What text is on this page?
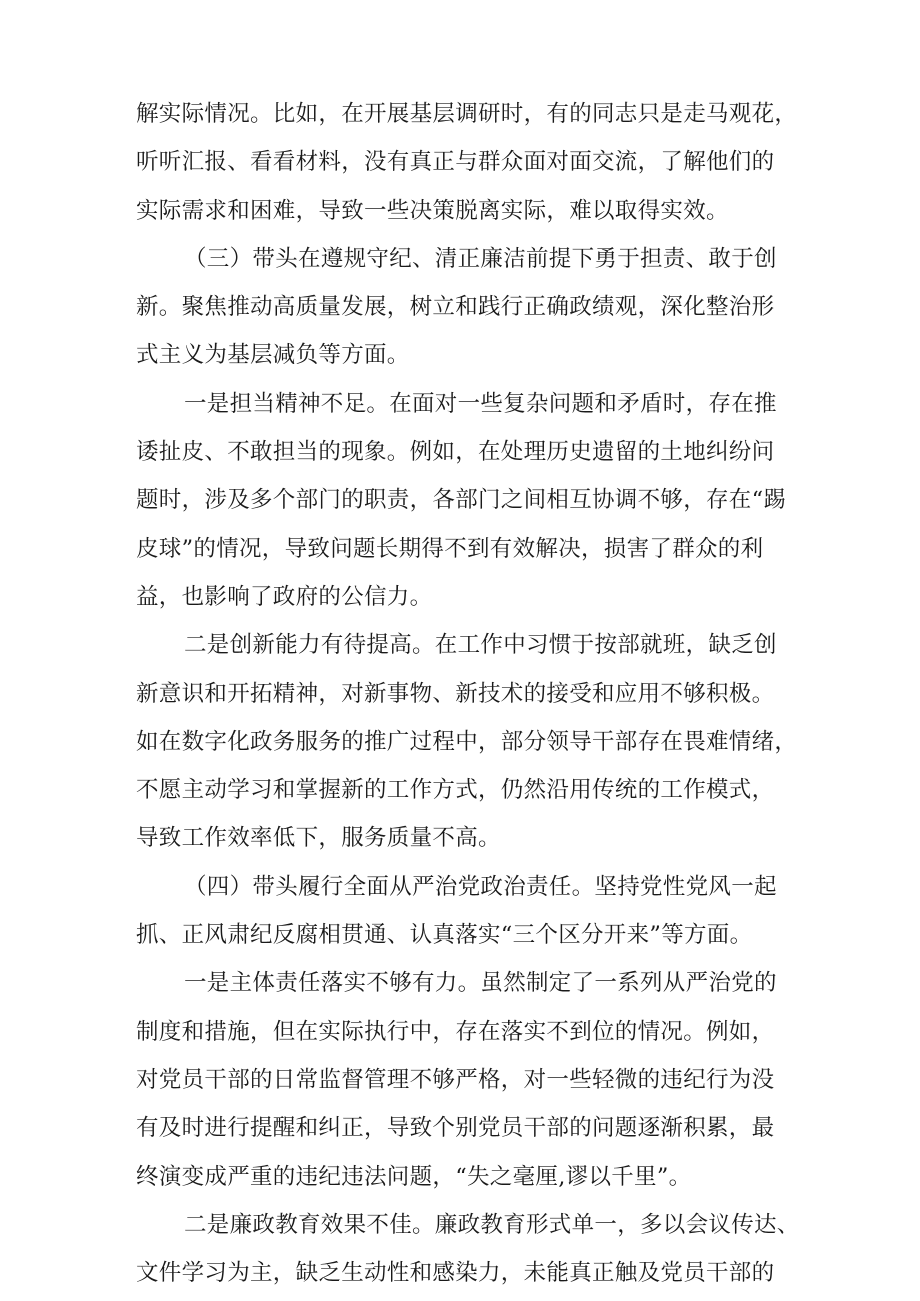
解实际情况。比如，在开展基层调研时，有的同志只是走马观花，
听听汇报、看看材料，没有真正与群众面对面交流，了解他们的
实际需求和困难，导致一些决策脱离实际，难以取得实效。
（三）带头在遵规守纪、清正廉洁前提下勇于担责、敢于创
新。聚焦推动高质量发展，树立和践行正确政绩观，深化整治形
式主义为基层减负等方面。
一是担当精神不足。在面对一些复杂问题和矛盾时，存在推
诿扯皮、不敢担当的现象。例如，在处理历史遗留的土地纠纷问
题时，涉及多个部门的职责，各部门之间相互协调不够，存在“踢
皮球”的情况，导致问题长期得不到有效解决，损害了群众的利
益，也影响了政府的公信力。
二是创新能力有待提高。在工作中习惯于按部就班，缺乏创
新意识和开拓精神，对新事物、新技术的接受和应用不够积极。
如在数字化政务服务的推广过程中，部分领导干部存在畏难情绪，
不愿主动学习和掌握新的工作方式，仍然沿用传统的工作模式，
导致工作效率低下，服务质量不高。
（四）带头履行全面从严治党政治责任。坚持党性党风一起
抓、正风肃纪反腐相贯通、认真落实“三个区分开来”等方面。
一是主体责任落实不够有力。虽然制定了一系列从严治党的
制度和措施，但在实际执行中，存在落实不到位的情况。例如，
对党员干部的日常监督管理不够严格，对一些轻微的违纪行为没
有及时进行提醒和纠正，导致个别党员干部的问题逐渐积累，最
终演变成严重的违纪违法问题，“失之毫厘,谬以千里”。
二是廉政教育效果不佳。廉政教育形式单一，多以会议传达、
文件学习为主，缺乏生动性和感染力，未能真正触及党员干部的
